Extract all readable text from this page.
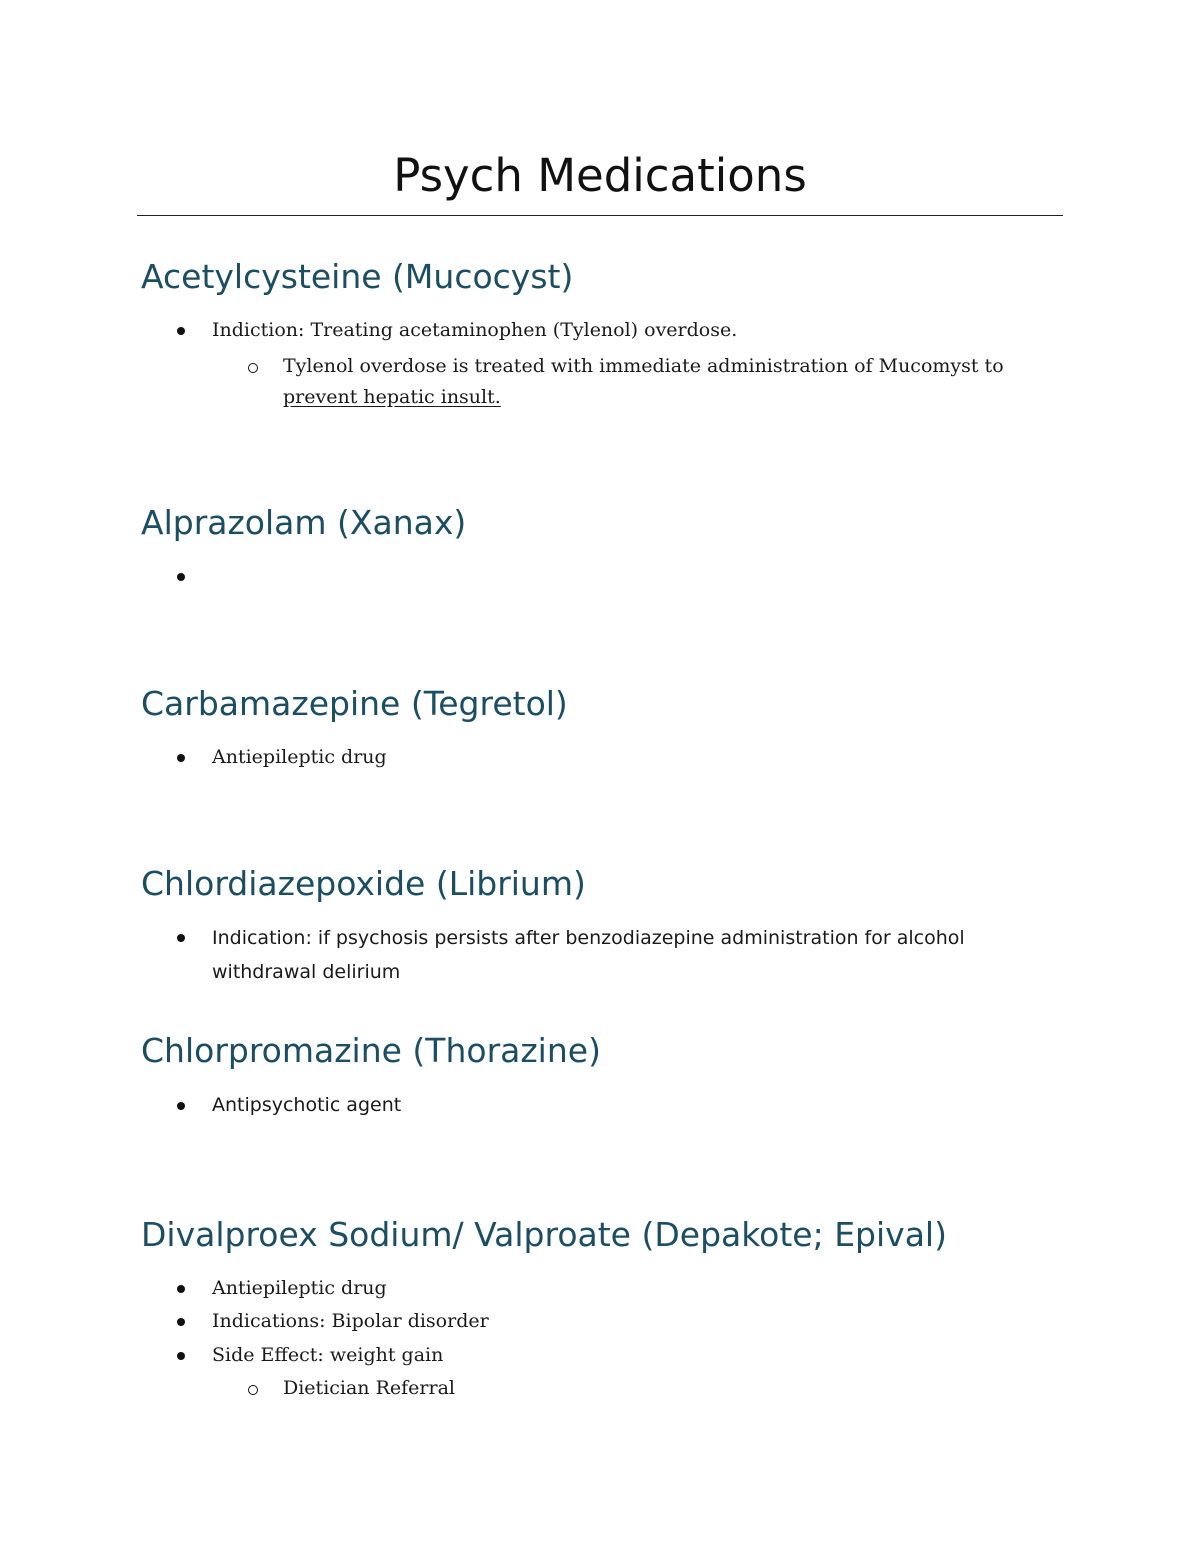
Psych Medications
Acetylcysteine (Mucocyst)
Indiction: Treating acetaminophen (Tylenol) overdose.
Tylenol overdose is treated with immediate administration of Mucomyst to
prevent hepatic insult.
Alprazolam (Xanax)
Carbamazepine (Tegretol)
Antiepileptic drug
Chlordiazepoxide (Librium)
Indication: if psychosis persists after benzodiazepine administration for alcohol
withdrawal delirium
Chlorpromazine (Thorazine)
Antipsychotic agent
Divalproex Sodium/ Valproate (Depakote; Epival)
Antiepileptic drug
Indications: Bipolar disorder
Side Effect: weight gain
Dietician Referral
